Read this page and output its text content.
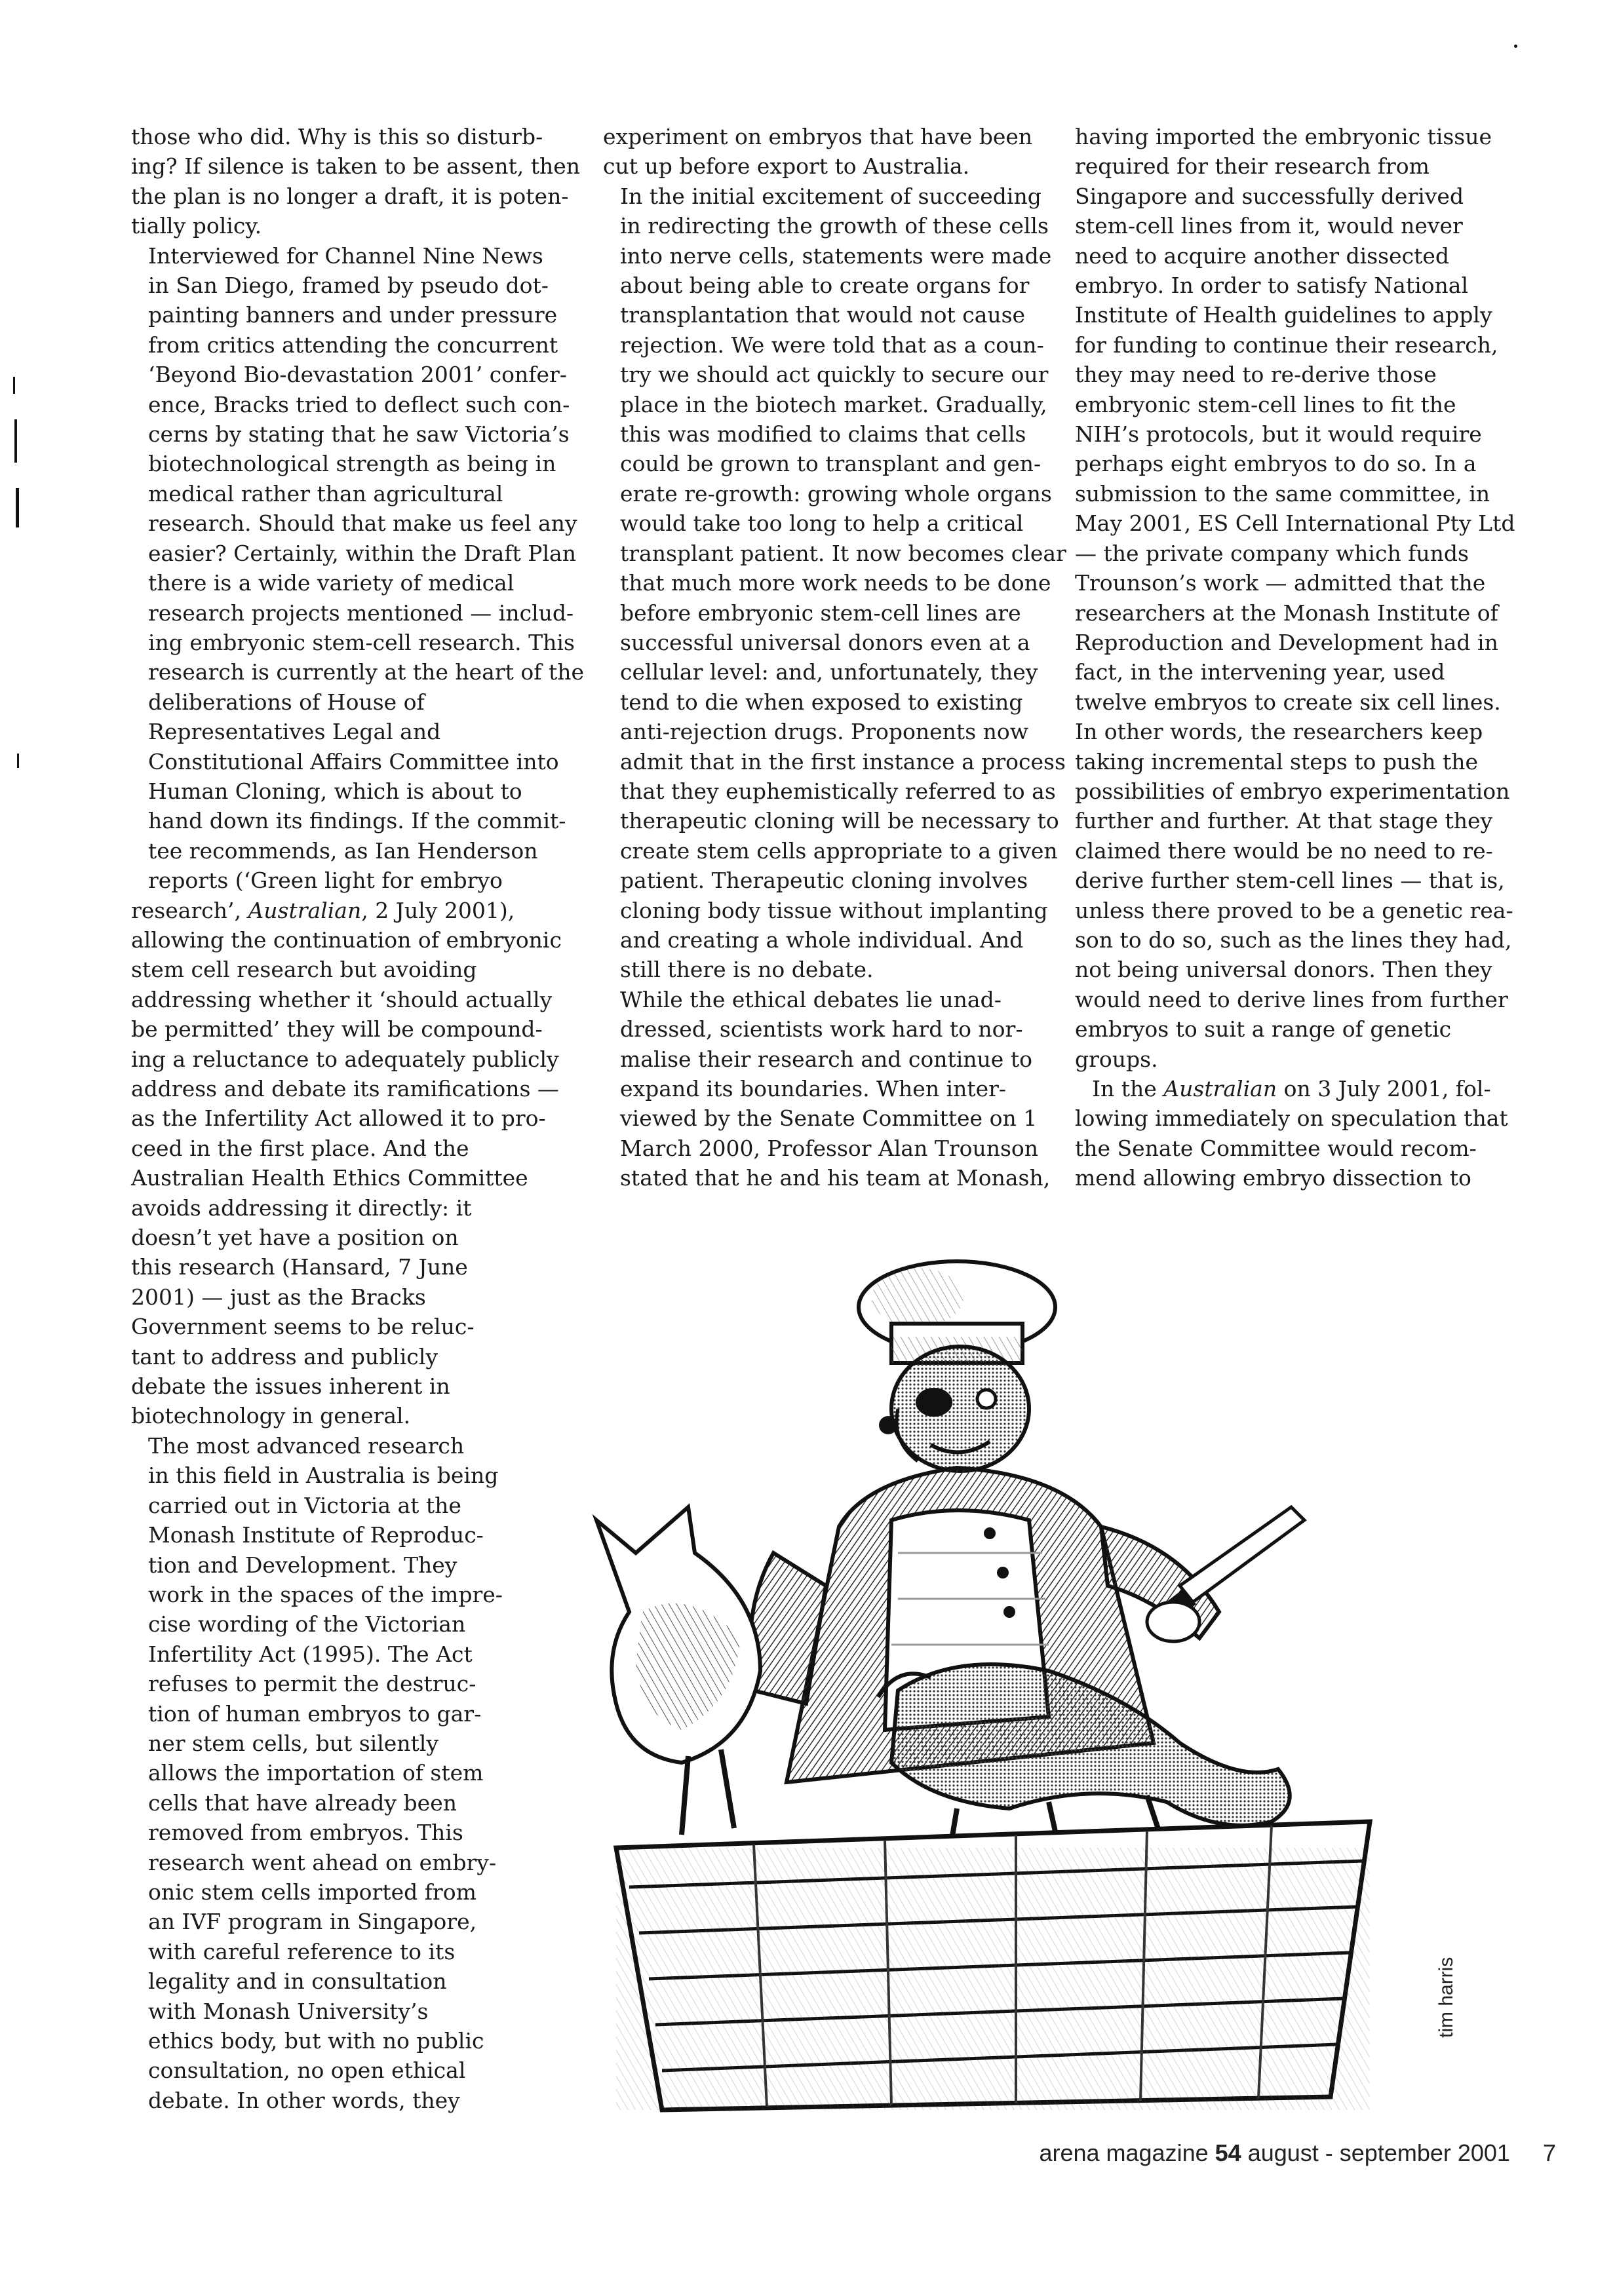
those who did. Why is this so disturb-
ing? If silence is taken to be assent, then
the plan is no longer a draft, it is poten-
tially policy.

Interviewed for Channel Nine News
in San Diego, framed by pseudo dot-
painting banners and under pressure
from critics attending the concurrent
‘Beyond Bio-devastation 2001’ confer-
ence, Bracks tried to deflect such con-
cerns by stating that he saw Victoria’s
biotechnological strength as being in
medical rather than agricultural
research. Should that make us feel any
easier? Certainly, within the Draft Plan
there is a wide variety of medical
research projects mentioned — includ-
ing embryonic stem-cell research. This
research is currently at the heart of the
deliberations of House of
Representatives Legal and
Constitutional Affairs Committee into
Human Cloning, which is about to
hand down its findings. If the commit-
tee recommends, as Ian Henderson
reports (‘Green light for embryo

research’, Australian, 2 July 2001),

allowing the continuation of embryonic
stem cell research but avoiding
addressing whether it ‘should actually
be permitted’ they will be compound-
ing a reluctance to adequately publicly
address and debate its ramifications —
as the Infertility Act allowed it to pro-
ceed in the first place. And the
Australian Health Ethics Committee
avoids addressing it directly: it
doesn’t yet have a position on
this research (Hansard, 7 June
2001) — just as the Bracks
Government seems to be reluc-
tant to address and publicly
debate the issues inherent in
biotechnology in general.

The most advanced research
in this field in Australia is being
carried out in Victoria at the
Monash Institute of Reproduc-
tion and Development. They
work in the spaces of the impre-
cise wording of the Victorian
Infertility Act (1995). The Act
refuses to permit the destruc-
tion of human embryos to gar-
ner stem cells, but silently
allows the importation of stem
cells that have already been
removed from embryos. This
research went ahead on embry-
onic stem cells imported from
an IVF program in Singapore,
with careful reference to its
legality and in consultation
with Monash University’s
ethics body, but with no public
consultation, no open ethical
debate. In other words, they

experiment on embryos that have been
cut up before export to Australia.

In the initial excitement of succeeding
in redirecting the growth of these cells
into nerve cells, statements were made
about being able to create organs for
transplantation that would not cause
rejection. We were told that as a coun-
try we should act quickly to secure our
place in the biotech market. Gradually,
this was modified to claims that cells
could be grown to transplant and gen-
erate re-growth: growing whole organs
would take too long to help a critical
transplant patient. It now becomes clear
that much more work needs to be done
before embryonic stem-cell lines are
successful universal donors even at a
cellular level: and, unfortunately, they
tend to die when exposed to existing
anti-rejection drugs. Proponents now
admit that in the first instance a process
that they euphemistically referred to as
therapeutic cloning will be necessary to
create stem cells appropriate to a given
patient. Therapeutic cloning involves
cloning body tissue without implanting
and creating a whole individual. And
still there is no debate.

While the ethical debates lie unad-
dressed, scientists work hard to nor-
malise their research and continue to
expand its boundaries. When inter-
viewed by the Senate Committee on 1
March 2000, Professor Alan Trounson
stated that he and his team at Monash,

having imported the embryonic tissue
required for their research from
Singapore and successfully derived
stem-cell lines from it, would never
need to acquire another dissected
embryo. In order to satisfy National
Institute of Health guidelines to apply
for funding to continue their research,
they may need to re-derive those
embryonic stem-cell lines to fit the
NIH’s protocols, but it would require
perhaps eight embryos to do so. In a
submission to the same committee, in
May 2001, ES Cell International Pty Ltd
— the private company which funds
Trounson’s work — admitted that the
researchers at the Monash Institute of
Reproduction and Development had in
fact, in the intervening year, used
twelve embryos to create six cell lines.
In other words, the researchers keep
taking incremental steps to push the
possibilities of embryo experimentation
further and further. At that stage they
claimed there would be no need to re-
derive further stem-cell lines — that is,
unless there proved to be a genetic rea-
son to do so, such as the lines they had,
not being universal donors. Then they
would need to derive lines from further
embryos to suit a range of genetic
groups.

In the Australian on 3 July 2001, fol-

lowing immediately on speculation that
the Senate Committee would recom-
mend allowing embryo dissection to

tim harris
arena magazine 54 august - september 2001 7
